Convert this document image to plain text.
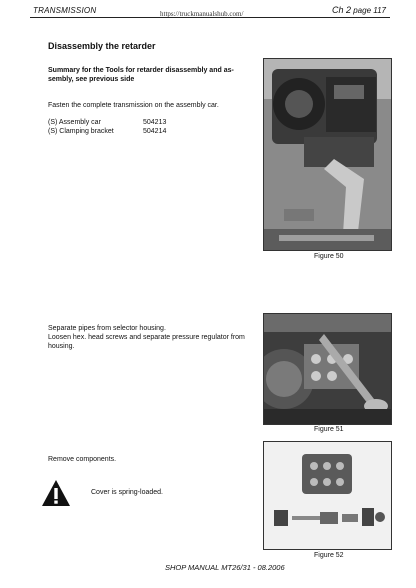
TRANSMISSION	https://truckmanualshub.com/	Ch 2 page 117
Disassembly the retarder
Summary for the Tools for retarder disassembly and as-sembly, see previous side
Fasten the complete transmission on the assembly car.
(S) Assembly car	504213
(S) Clamping bracket	504214
Figure 50
Separate pipes from selector housing.
Loosen hex. head screws and separate pressure regulator from housing.
Figure 51
Remove components.
Cover is spring-loaded.
Figure 52
SHOP MANUAL MT26/31 - 08.2006
